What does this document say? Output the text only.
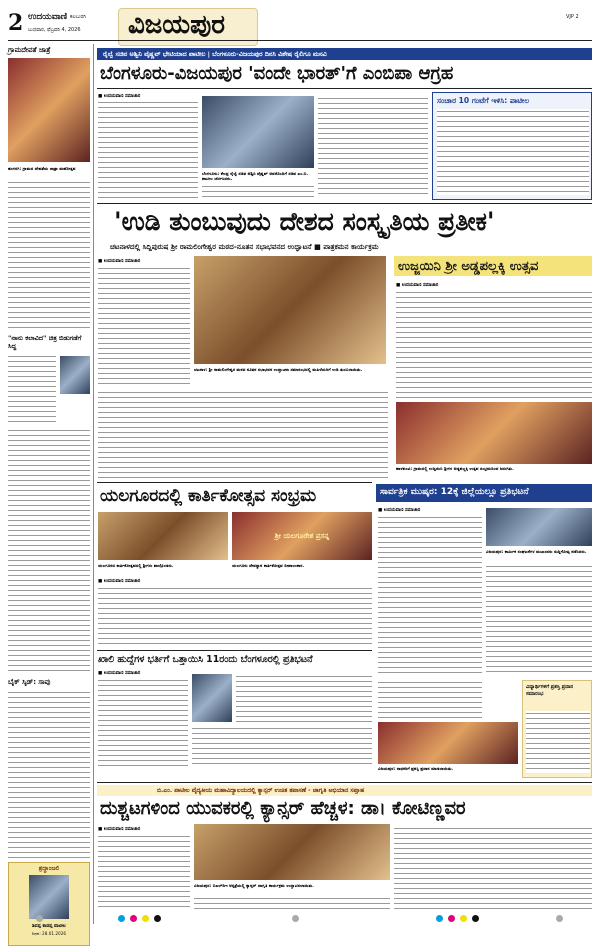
2 ಉದಯವಾಣಿ ಕಲಬುರಗಿ
ಬುಧವಾರ, ಫೆಬ್ರವರಿ 4, 2026 ವಿಜಯಪುರ	VJP 2
ಗ್ರಾಮದೇವತೆ ಜಾತ್ರೆ
ಹಂಗರಗಿ: ಗ್ರಾಮದ ದೇವತೆಯ ಜಾತ್ರಾ ಮಹೋತ್ಸವ
"ನಾನು ಕಲಾವಿದ" ಚಿತ್ರ ಬಿಡುಗಡೆಗೆ ಸಿದ್ಧ
ಬೈಕ್ ಸ್ಕಿಡ್: ಸಾವು
ಶ್ರದ್ಧಾಂಜಲಿ
ಶಿವಪ್ಪ ಕಾಡಪ್ಪ ಪಾಟೀಲ
ನಿಧನ: 28.01.2026
ರೈಲ್ವೆ ಸಚಿವ ಅಶ್ವಿನಿ ವೈಷ್ಣವ್ ಭೇಟಿಯಾದ ಪಾಟೀಲ | ಬೆಂಗಳೂರು-ವಿಜಯಪುರ ದಿನಸಿ ವಿಶೇಷ ರೈಲಿಗೂ ಮನವಿ
ಬೆಂಗಳೂರು-ವಿಜಯಪುರ 'ವಂದೇ ಭಾರತ್'ಗೆ ಎಂಬಿಪಾ ಆಗ್ರಹ
■ ಉದಯವಾಣಿ ಸಮಾಚಾರ
ಬೆಂಗಳೂರು: ಕೇಂದ್ರ ರೈಲ್ವೆ ಸಚಿವ ಅಶ್ವಿನಿ ವೈಷ್ಣವ್ ಅವರೊಂದಿಗೆ ಸಚಿವ ಎಂ.ಬಿ. ಪಾಟೀಲ ಚರ್ಚಿಸಿದರು.
ಸಂಚಾರ 10 ಗಂಟೆಗೆ ಇಳಿಸಿ: ಪಾಟೀಲ
'ಉಡಿ ತುಂಬುವುದು ದೇಶದ ಸಂಸ್ಕೃತಿಯ ಪ್ರತೀಕ'
ಚಟನಾಳದಲ್ಲಿ ಸಿದ್ದಿಪುರುಷ ಶ್ರೀ ರಾಮಲಿಂಗೇಶ್ವರ ಮಠದ-ನೂತನ ಸಭಾಭವನದ ಉದ್ಘಾಟನೆ ■ ಪಾತ್ರಕಮನ ಕಾರ್ಯಕ್ರಮ
■ ಉದಯವಾಣಿ ಸಮಾಚಾರ
ಚಟನಾಳ: ಶ್ರೀ ರಾಮಲಿಂಗೇಶ್ವರ ಮಠದ ನೂತನ ಸಭಾಭವನ ಉದ್ಘಾಟನಾ ಸಮಾರಂಭದಲ್ಲಿ ಮಹಿಳೆಯರಿಗೆ ಉಡಿ ತುಂಬಲಾಯಿತು.
ಉಜ್ಜಯಿನಿ ಶ್ರೀ ಅಡ್ಡಪಲ್ಲಕ್ಕಿ ಉತ್ಸವ
■ ಉದಯವಾಣಿ ಸಮಾಚಾರ
ಹಾಳಕುಂಟಿ: ಗ್ರಾಮದಲ್ಲಿ ಉಜ್ಜಯಿನಿ ಶ್ರೀಗಳ ಅಡ್ಡಪಲ್ಲಕ್ಕಿ ಉತ್ಸವ ಸಂಭ್ರಮದಿಂದ ಜರುಗಿತು.
ಯಲಗೂರದಲ್ಲಿ ಕಾರ್ತಿಕೋತ್ಸವ ಸಂಭ್ರಮ
ಶ್ರೀ ಯಲಗೂರೇಶ ಪ್ರಸನ್ನ
ಯಲಗೂರದ ಕಾರ್ತಿಕೋತ್ಸವದಲ್ಲಿ ಶ್ರೀಗಳು ಪಾಲ್ಗೊಂಡರು.	ಯಲಗೂರು ದೇವಸ್ಥಾನ ಕಾರ್ತಿಕೋತ್ಸವ ದೀಪಾಲಂಕಾರ.
■ ಉದಯವಾಣಿ ಸಮಾಚಾರ
ಖಾಲಿ ಹುದ್ದೆಗಳ ಭರ್ತಿಗೆ ಒತ್ತಾಯಿಸಿ 11ರಂದು ಬೆಂಗಳೂರಲ್ಲಿ ಪ್ರತಿಭಟನೆ
■ ಉದಯವಾಣಿ ಸಮಾಚಾರ
ಸಾರ್ವತ್ರಿಕ ಮುಷ್ಕರ: 12ಕ್ಕೆ ಜಿಲ್ಲೆಯಲ್ಲೂ ಪ್ರತಿಭಟನೆ
■ ಉದಯವಾಣಿ ಸಮಾಚಾರ
ವಿಜಯಪುರ: ಕಾರ್ಮಿಕ ಸಂಘಟನೆಗಳ ಮುಖಂಡರು ಸುದ್ದಿಗೋಷ್ಠಿ ನಡೆಸಿದರು.
ವಿಜಯಪುರ: ಸಾಧಕರಿಗೆ ಪ್ರಶಸ್ತಿ ಪ್ರದಾನ ಮಾಡಲಾಯಿತು.
ವಿದ್ಯಾರ್ಥಿಗಳಿಗೆ ಪ್ರಶಸ್ತಿ ಪ್ರದಾನ ಸಮಾರಂಭ
ಬಿ.ಎಂ. ಪಾಟೀಲ ವೈದ್ಯಕೀಯ ಮಹಾವಿದ್ಯಾಲಯದಲ್ಲಿ ಕ್ಯಾನ್ಸರ್ ಉಚಿತ ತಪಾಸಣೆ - ಜಾಗೃತಿ ಅಭಿಯಾನ ಸಪ್ತಾಹ
ದುಶ್ಚಟಗಳಿಂದ ಯುವಕರಲ್ಲಿ ಕ್ಯಾನ್ಸರ್ ಹೆಚ್ಚಳ: ಡಾ। ಕೋಟಿಣ್ಣವರ
■ ಉದಯವಾಣಿ ಸಮಾಚಾರ
ವಿಜಯಪುರ: ಬಿಎಲ್‌ಡಿಇ ಆಸ್ಪತ್ರೆಯಲ್ಲಿ ಕ್ಯಾನ್ಸರ್ ಜಾಗೃತಿ ಕಾರ್ಯಕ್ರಮ ಉದ್ಘಾಟಿಸಲಾಯಿತು.
